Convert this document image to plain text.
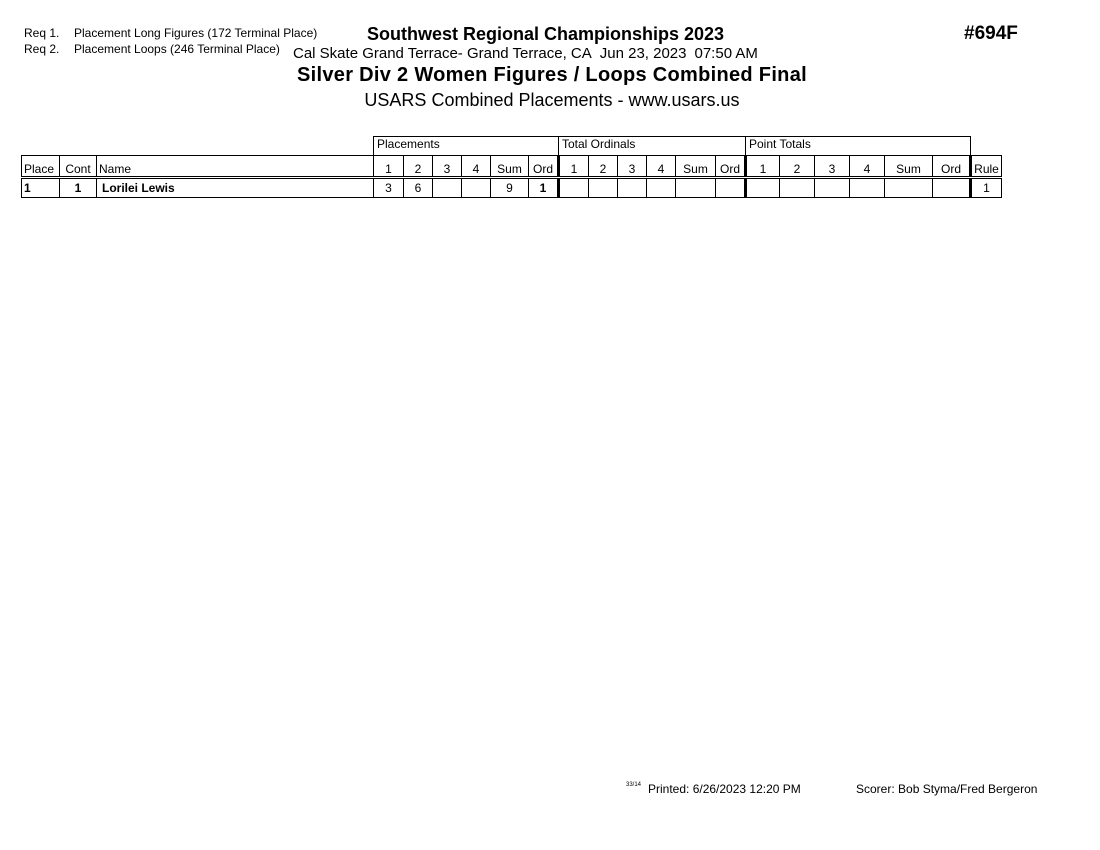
Req 1. Placement Long Figures (172 Terminal Place)
Req 2. Placement Loops (246 Terminal Place)
Southwest Regional Championships 2023	#694F
Cal Skate Grand Terrace- Grand Terrace, CA Jun 23, 2023 07:50 AM
Silver Div 2 Women Figures / Loops Combined Final
USARS Combined Placements - www.usars.us
			Placements						Total Ordinals						Point Totals						
Place	Cont	Name	1	2	3	4	Sum	Ord	1	2	3	4	Sum	Ord	1	2	3	4	Sum	Ord	Rule
1	1	Lorilei Lewis	3	6			9	1													1
33/14 Printed: 6/26/2023 12:20 PM	Scorer: Bob Styma/Fred Bergeron
